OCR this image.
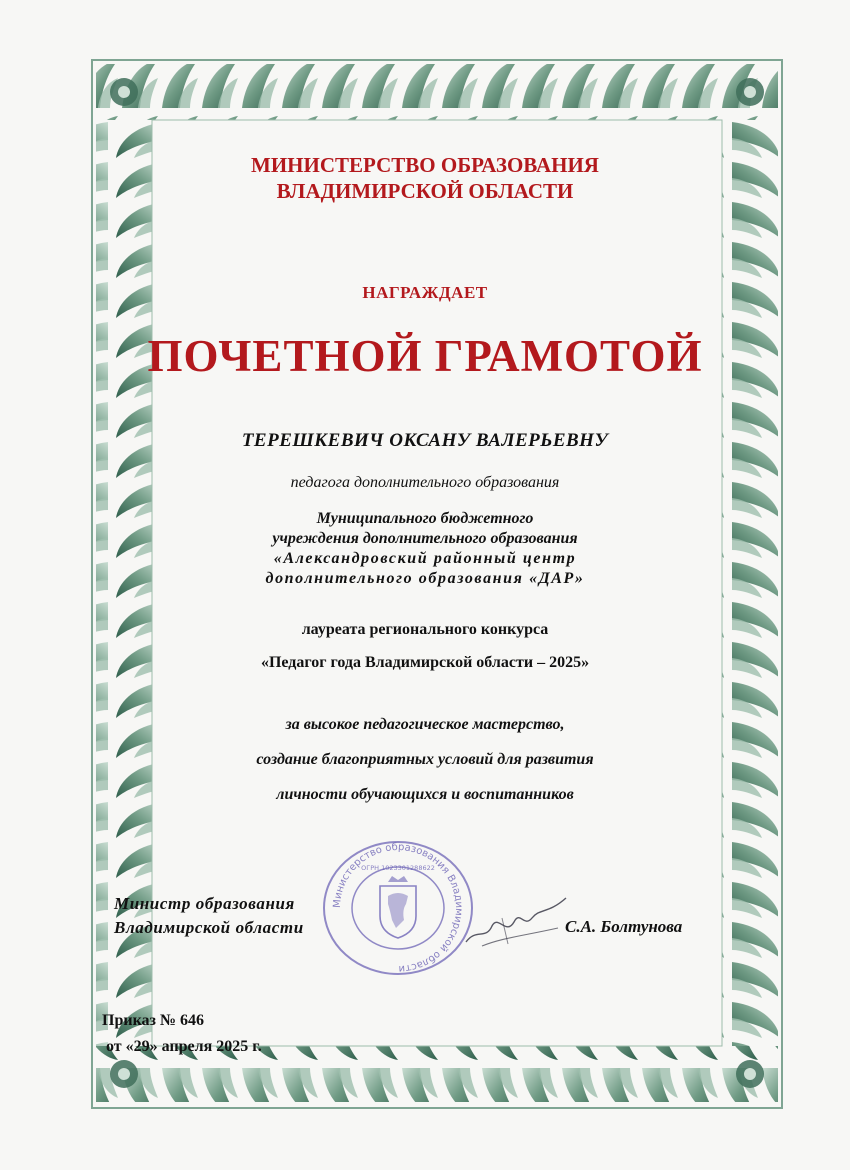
МИНИСТЕРСТВО ОБРАЗОВАНИЯ
ВЛАДИМИРСКОЙ ОБЛАСТИ
НАГРАЖДАЕТ
ПОЧЕТНОЙ ГРАМОТОЙ
ТЕРЕШКЕВИЧ ОКСАНУ ВАЛЕРЬЕВНУ
педагога дополнительного образования
Муниципального бюджетного
учреждения дополнительного образования
«Александровский районный центр
дополнительного образования «ДАР»
лауреата регионального конкурса
«Педагог года Владимирской области – 2025»
за высокое педагогическое мастерство,
создание благоприятных условий для развития
личности обучающихся и воспитанников
Министерство образования Владимирской области
ОГРН 1023301288622
Министр образования
Владимирской области	С.А. Болтунова
Приказ № 646
от «29» апреля 2025 г.
